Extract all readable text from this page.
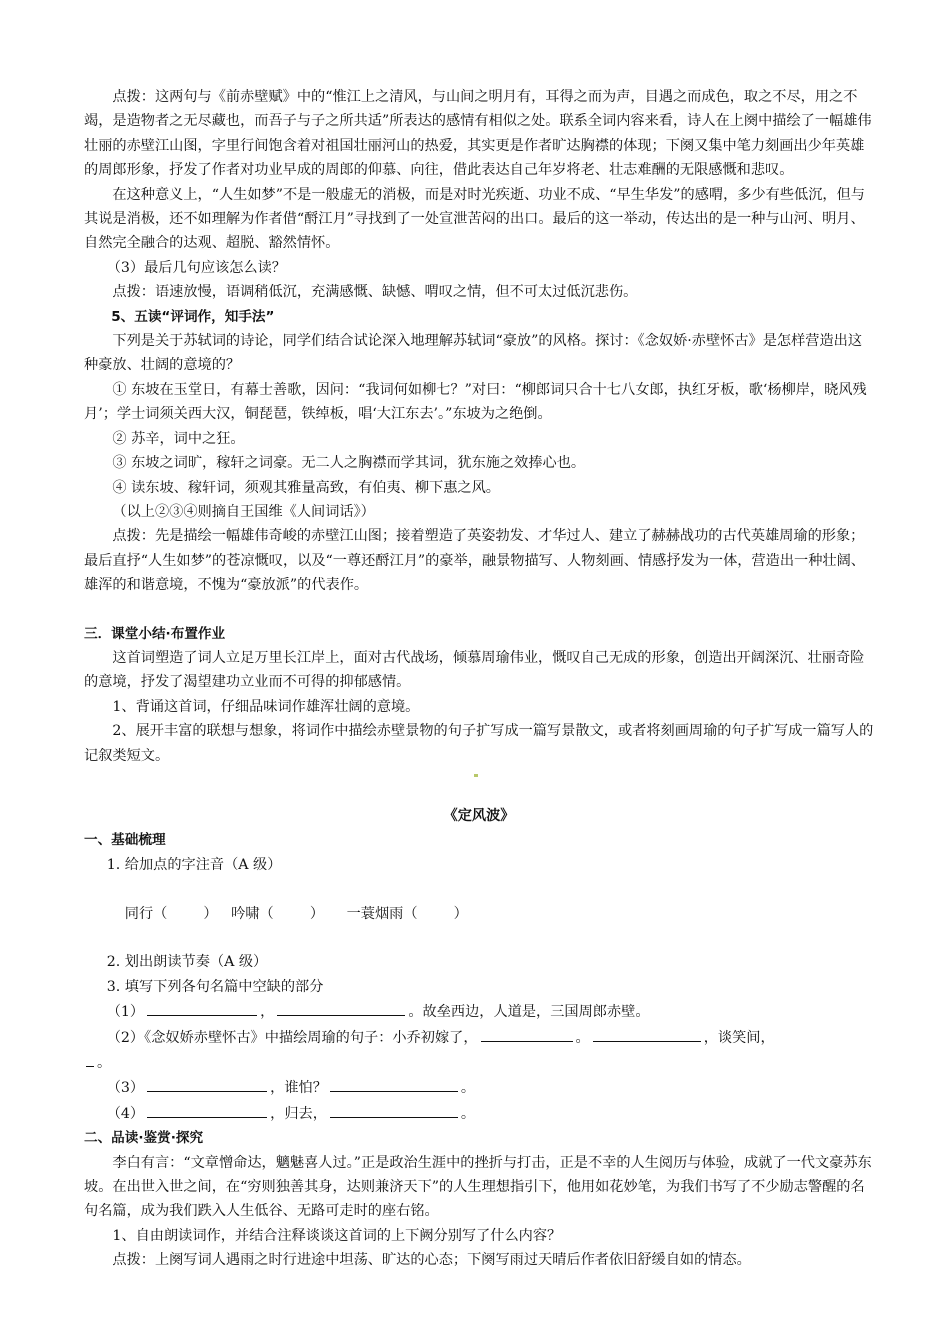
点拨：这两句与《前赤壁赋》中的“惟江上之清风，与山间之明月有，耳得之而为声，目遇之而成色，取之不尽，用之不竭，是造物者之无尽藏也，而吾子与子之所共适”所表达的感情有相似之处。联系全词内容来看，诗人在上阕中描绘了一幅雄伟壮丽的赤壁江山图，字里行间饱含着对祖国壮丽河山的热爱，其实更是作者旷达胸襟的体现；下阕又集中笔力刻画出少年英雄的周郎形象，抒发了作者对功业早成的周郎的仰慕、向往，借此表达自己年岁将老、壮志难酬的无限感慨和悲叹。

在这种意义上，“人生如梦”不是一般虚无的消极，而是对时光疾逝、功业不成、“早生华发”的感喟，多少有些低沉，但与其说是消极，还不如理解为作者借“酹江月”寻找到了一处宣泄苦闷的出口。最后的这一举动，传达出的是一种与山河、明月、自然完全融合的达观、超脱、豁然情怀。

（3）最后几句应该怎么读？

点拨：语速放慢，语调稍低沉，充满感慨、缺憾、喟叹之情，但不可太过低沉悲伤。

5、五读“评词作，知手法”

下列是关于苏轼词的诗论，同学们结合试论深入地理解苏轼词“豪放”的风格。探讨：《念奴娇·赤壁怀古》是怎样营造出这种豪放、壮阔的意境的？

① 东坡在玉堂日，有幕士善歌，因问：“我词何如柳七？”对曰：“柳郎词只合十七八女郎，执红牙板，歌‘杨柳岸，晓风残月’；学士词须关西大汉，铜琵琶，铁绰板，唱‘大江东去’。”东坡为之绝倒。

② 苏辛，词中之狂。

③ 东坡之词旷，稼轩之词豪。无二人之胸襟而学其词，犹东施之效捧心也。

④ 读东坡、稼轩词，须观其雅量高致，有伯夷、柳下惠之风。

（以上②③④则摘自王国维《人间词话》）

点拨：先是描绘一幅雄伟奇峻的赤壁江山图；接着塑造了英姿勃发、才华过人、建立了赫赫战功的古代英雄周瑜的形象；最后直抒“人生如梦”的苍凉慨叹，以及“一尊还酹江月”的豪举，融景物描写、人物刻画、情感抒发为一体，营造出一种壮阔、雄浑的和谐意境，不愧为“豪放派”的代表作。

三．课堂小结·布置作业

这首词塑造了词人立足万里长江岸上，面对古代战场，倾慕周瑜伟业，慨叹自己无成的形象，创造出开阔深沉、壮丽奇险的意境，抒发了渴望建功立业而不可得的抑郁感情。

1、背诵这首词，仔细品味词作雄浑壮阔的意境。

2、展开丰富的联想与想象，将词作中描绘赤壁景物的句子扩写成一篇写景散文，或者将刻画周瑜的句子扩写成一篇写人的记叙类短文。

《定风波》

一、基础梳理

1. 给加点的字注音（A 级）

同行（        ） 吟啸（        ） 一蓑烟雨（        ）

2. 划出朗读节奏（A 级）

3. 填写下列各句名篇中空缺的部分

（1）	，	。故垒西边，人道是，三国周郎赤壁。

（2）《念奴娇赤壁怀古》中描绘周瑜的句子：小乔初嫁了，	。	，谈笑间，

。

（3）	，谁怕？	。

（4）	，归去，	。

二、品读·鉴赏·探究

李白有言：“文章憎命达，魑魅喜人过。”正是政治生涯中的挫折与打击，正是不幸的人生阅历与体验，成就了一代文豪苏东坡。在出世入世之间，在“穷则独善其身，达则兼济天下”的人生理想指引下，他用如花妙笔，为我们书写了不少励志警醒的名句名篇，成为我们跌入人生低谷、无路可走时的座右铭。

1、自由朗读词作，并结合注释谈谈这首词的上下阙分别写了什么内容？

点拨：上阕写词人遇雨之时行进途中坦荡、旷达的心态；下阕写雨过天晴后作者依旧舒缓自如的情态。
